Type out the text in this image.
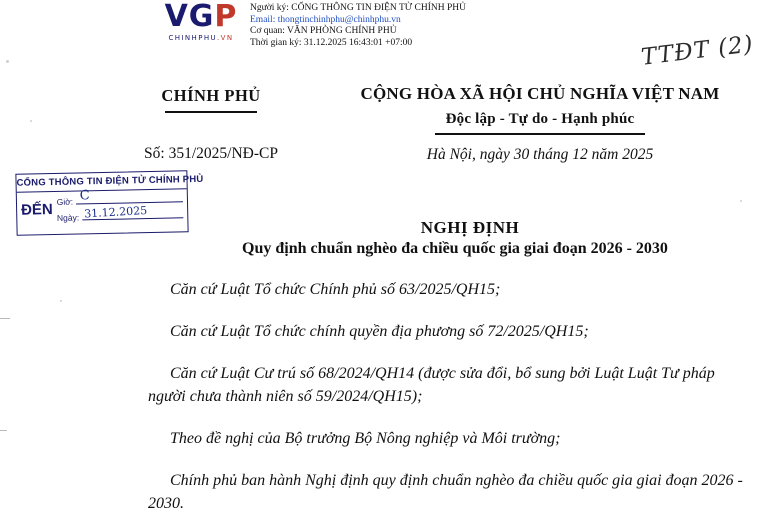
VGP
CHINHPHU.VN
Người ký: CỔNG THÔNG TIN ĐIỆN TỬ CHÍNH PHỦ
Email: thongtinchinhphu@chinhphu.vn
Cơ quan: VĂN PHÒNG CHÍNH PHỦ
Thời gian ký: 31.12.2025 16:43:01 +07:00	TTĐT (2)
CHÍNH PHỦ	CỘNG HÒA XÃ HỘI CHỦ NGHĨA VIỆT NAM
Độc lập - Tự do - Hạnh phúc
Số: 351/2025/NĐ-CP	Hà Nội, ngày 30 tháng 12 năm 2025
CỔNG THÔNG TIN ĐIỆN TỬ CHÍNH PHỦ
ĐẾN Giờ: C
Ngày: 31.12.2025
NGHỊ ĐỊNH
Quy định chuẩn nghèo đa chiều quốc gia giai đoạn 2026 - 2030

Căn cứ Luật Tổ chức Chính phủ số 63/2025/QH15;

Căn cứ Luật Tổ chức chính quyền địa phương số 72/2025/QH15;

Căn cứ Luật Cư trú số 68/2024/QH14 (được sửa đổi, bổ sung bởi Luật Luật Tư pháp người chưa thành niên số 59/2024/QH15);

Theo đề nghị của Bộ trưởng Bộ Nông nghiệp và Môi trường;

Chính phủ ban hành Nghị định quy định chuẩn nghèo đa chiều quốc gia giai đoạn 2026 - 2030.
